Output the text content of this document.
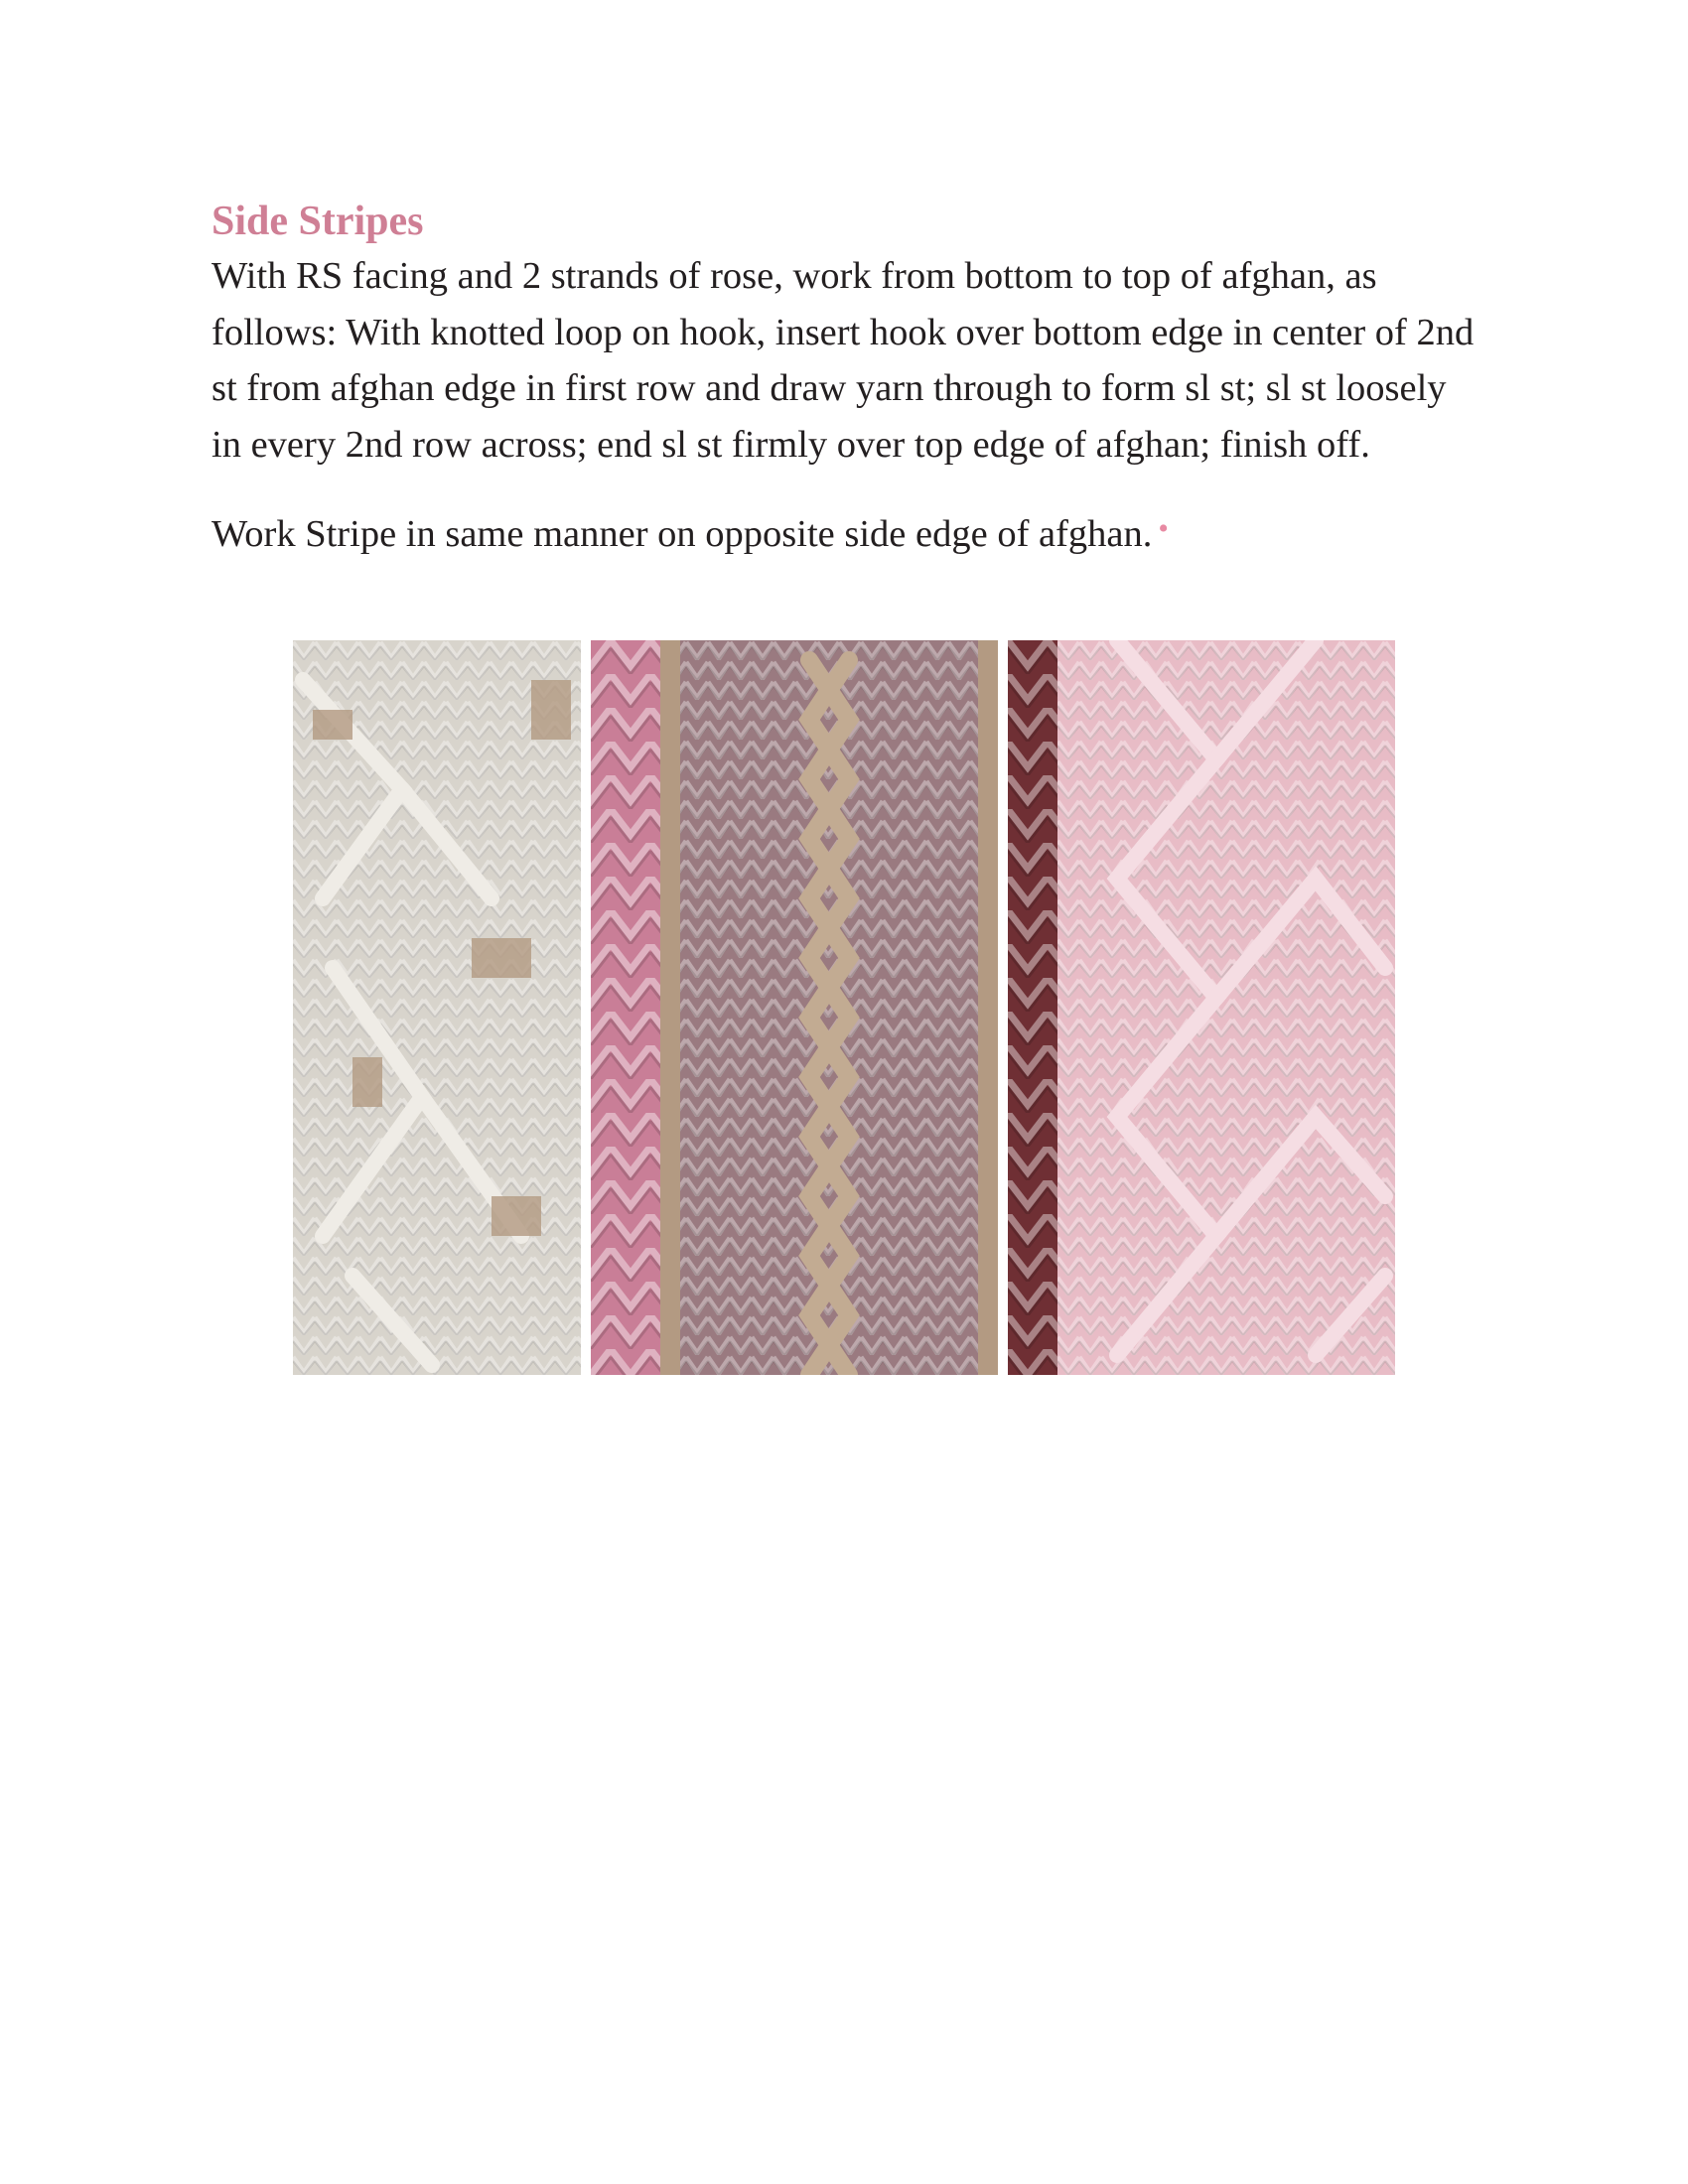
Side Stripes

With RS facing and 2 strands of rose, work from bottom to top of afghan, as follows: With knotted loop on hook, insert hook over bottom edge in center of 2nd st from afghan edge in first row and draw yarn through to form sl st; sl st loosely in every 2nd row across; end sl st firmly over top edge of afghan; finish off.

Work Stripe in same manner on opposite side edge of afghan. •
